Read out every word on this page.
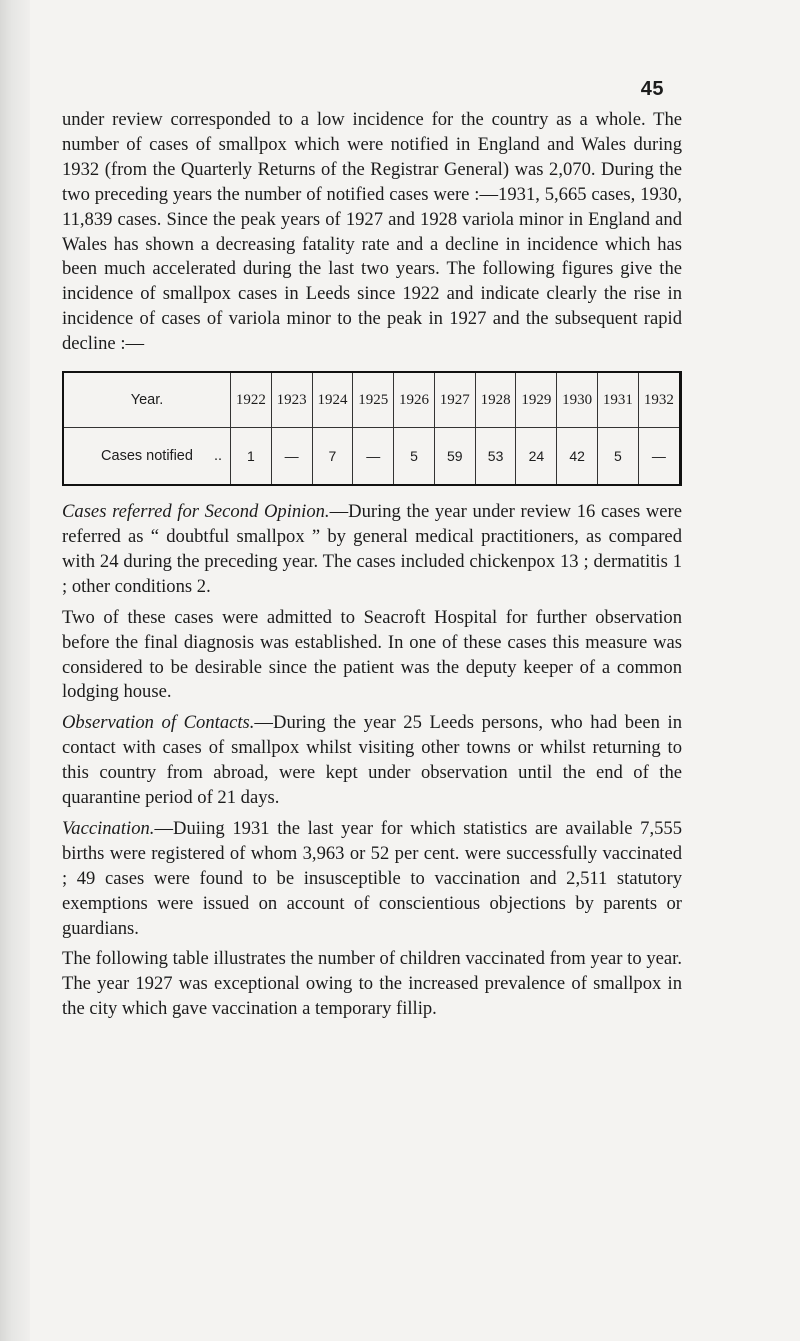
45

under review corresponded to a low incidence for the country as a whole. The number of cases of smallpox which were notified in England and Wales during 1932 (from the Quarterly Returns of the Registrar General) was 2,070. During the two preceding years the number of notified cases were :—1931, 5,665 cases, 1930, 11,839 cases. Since the peak years of 1927 and 1928 variola minor in England and Wales has shown a decreasing fatality rate and a decline in incidence which has been much accelerated during the last two years. The following figures give the incidence of smallpox cases in Leeds since 1922 and indicate clearly the rise in incidence of cases of variola minor to the peak in 1927 and the subsequent rapid decline :—

Year.	1922	1923	1924	1925	1926	1927	1928	1929	1930	1931	1932
Cases notified ..	1	—	7	—	5	59	53	24	42	5	—

Cases referred for Second Opinion.—During the year under review 16 cases were referred as “ doubtful smallpox ” by general medical practitioners, as compared with 24 during the preceding year. The cases included chickenpox 13 ; dermatitis 1 ; other conditions 2.

Two of these cases were admitted to Seacroft Hospital for further observation before the final diagnosis was established. In one of these cases this measure was considered to be desirable since the patient was the deputy keeper of a common lodging house.

Observation of Contacts.—During the year 25 Leeds persons, who had been in contact with cases of smallpox whilst visiting other towns or whilst returning to this country from abroad, were kept under observation until the end of the quarantine period of 21 days.

Vaccination.—Duiing 1931 the last year for which statistics are available 7,555 births were registered of whom 3,963 or 52 per cent. were successfully vaccinated ; 49 cases were found to be insusceptible to vaccination and 2,511 statutory exemptions were issued on account of conscientious objections by parents or guardians.

The following table illustrates the number of children vaccinated from year to year. The year 1927 was exceptional owing to the increased prevalence of smallpox in the city which gave vaccination a temporary fillip.
